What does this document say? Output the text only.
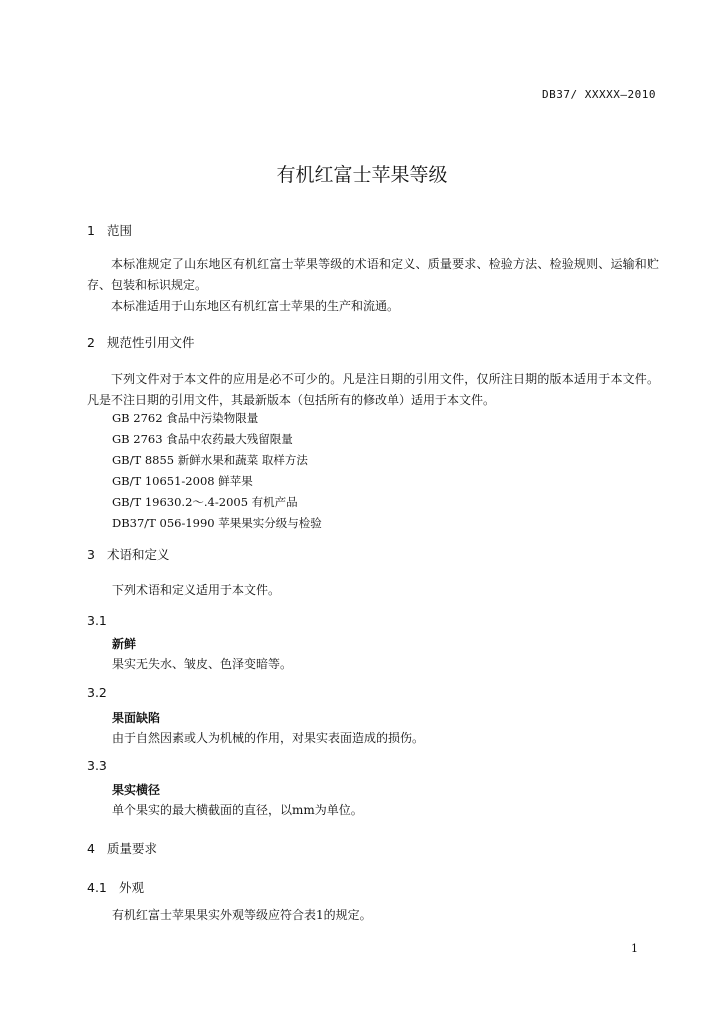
DB37/ XXXXX—2010
有机红富士苹果等级
1 范围
本标准规定了山东地区有机红富士苹果等级的术语和定义、质量要求、检验方法、检验规则、运输和贮存、包装和标识规定。
本标准适用于山东地区有机红富士苹果的生产和流通。
2 规范性引用文件
下列文件对于本文件的应用是必不可少的。凡是注日期的引用文件，仅所注日期的版本适用于本文件。凡是不注日期的引用文件，其最新版本（包括所有的修改单）适用于本文件。
GB 2762 食品中污染物限量
GB 2763 食品中农药最大残留限量
GB/T 8855 新鲜水果和蔬菜 取样方法
GB/T 10651-2008 鲜苹果
GB/T 19630.2～.4-2005 有机产品
DB37/T 056-1990 苹果果实分级与检验
3 术语和定义
下列术语和定义适用于本文件。
3.1
新鲜
果实无失水、皱皮、色泽变暗等。
3.2
果面缺陷
由于自然因素或人为机械的作用，对果实表面造成的损伤。
3.3
果实横径
单个果实的最大横截面的直径，以mm为单位。
4 质量要求
4.1 外观
有机红富士苹果果实外观等级应符合表1的规定。
1
